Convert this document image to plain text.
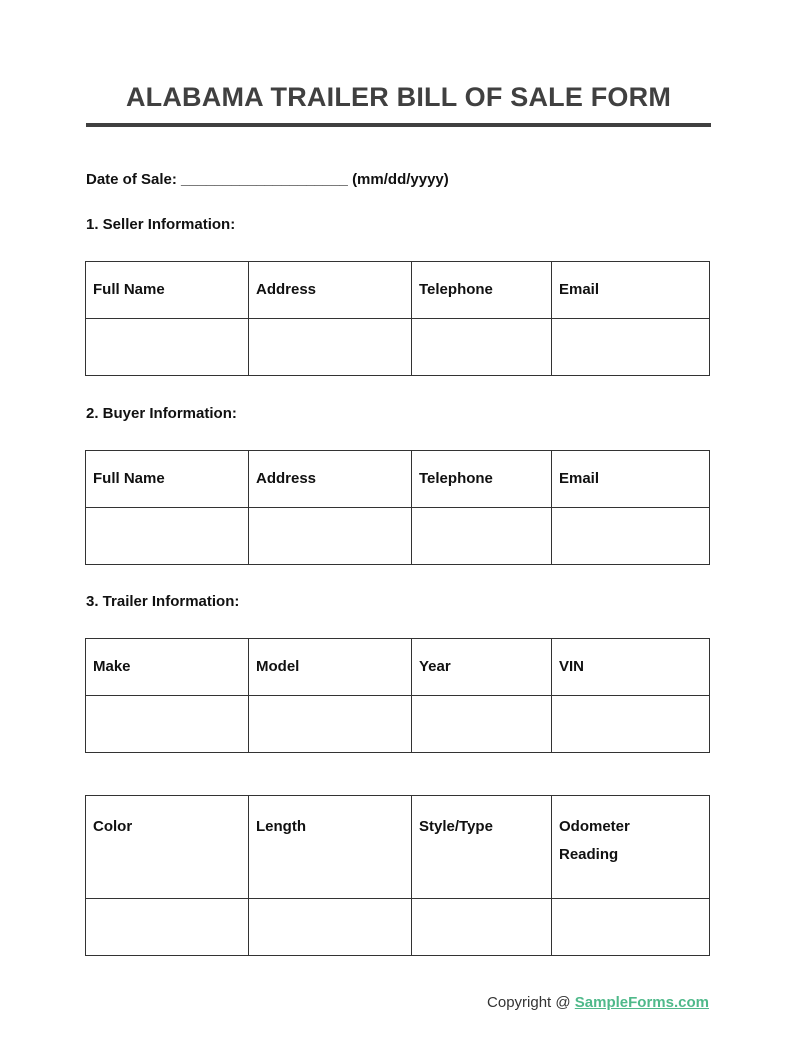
ALABAMA TRAILER BILL OF SALE FORM
Date of Sale: ____________________ (mm/dd/yyyy)
1. Seller Information:
Full Name	Address	Telephone	Email

2. Buyer Information:
Full Name	Address	Telephone	Email

3. Trailer Information:
Make	Model	Year	VIN

Color	Length	Style/Type	Odometer Reading

Copyright @ SampleForms.com
